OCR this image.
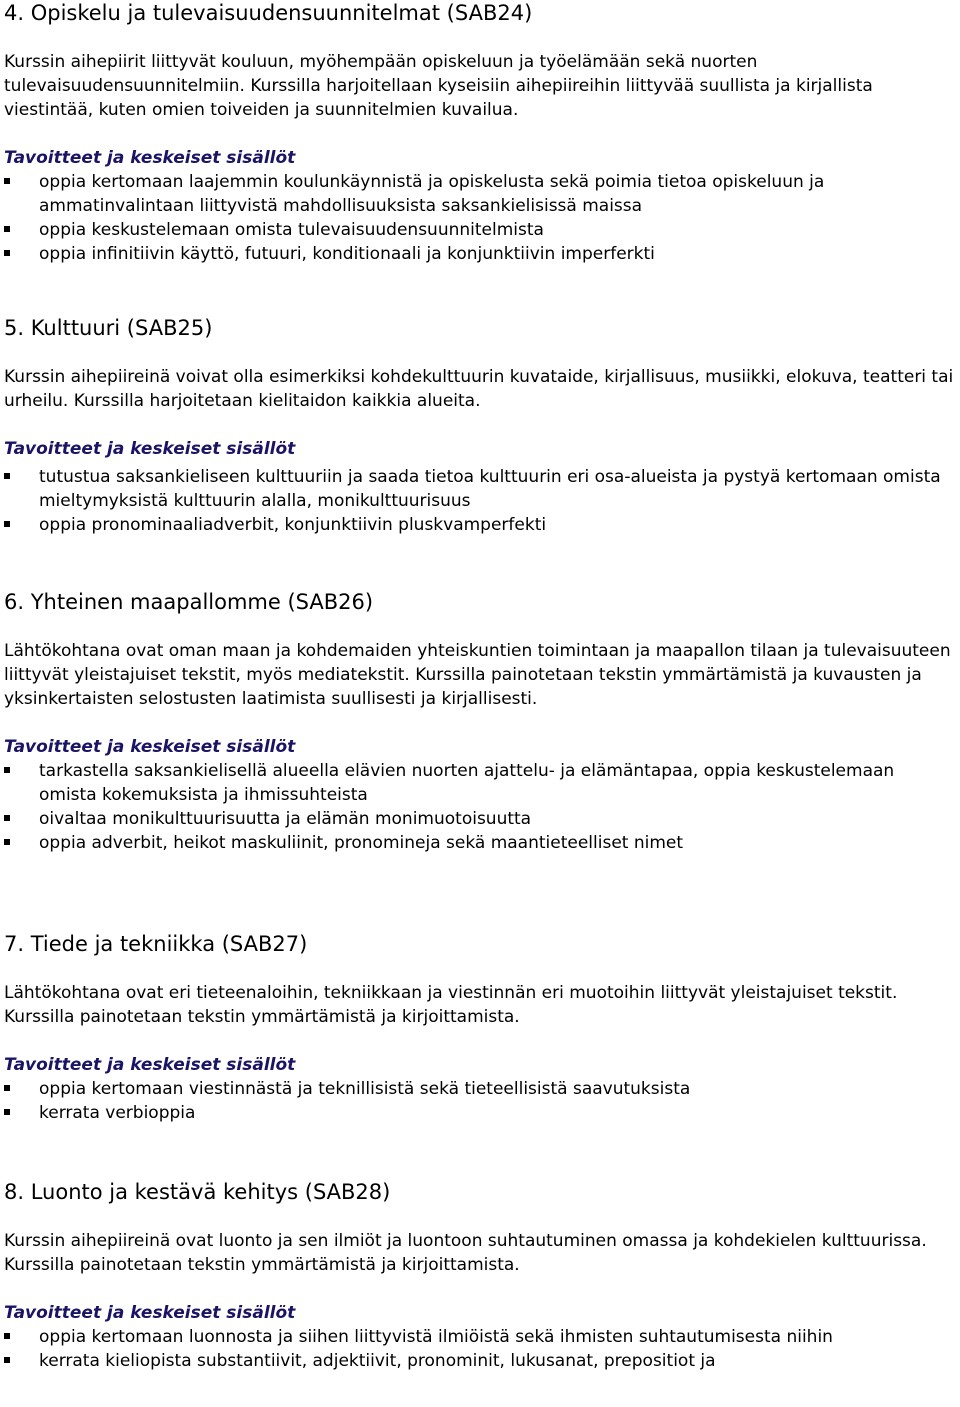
4. Opiskelu ja tulevaisuudensuunnitelmat (SAB24)

Kurssin aihepiirit liittyvät kouluun, myöhempään opiskeluun ja työelämään sekä nuorten tulevaisuudensuunnitelmiin. Kurssilla harjoitellaan kyseisiin aihepiireihin liittyvää suullista ja kirjallista viestintää, kuten omien toiveiden ja suunnitelmien kuvailua.

Tavoitteet ja keskeiset sisällöt

oppia kertomaan laajemmin koulunkäynnistä ja opiskelusta sekä poimia tietoa opiskeluun ja ammatinvalintaan liittyvistä mahdollisuuksista saksankielisissä maissa
oppia keskustelemaan omista tulevaisuudensuunnitelmista
oppia infinitiivin käyttö, futuuri, konditionaali ja konjunktiivin imperferkti
5. Kulttuuri (SAB25)

Kurssin aihepiireinä voivat olla esimerkiksi kohdekulttuurin kuvataide, kirjallisuus, musiikki, elokuva, teatteri tai urheilu. Kurssilla harjoitetaan kielitaidon kaikkia alueita.

Tavoitteet ja keskeiset sisällöt

tutustua saksankieliseen kulttuuriin ja saada tietoa kulttuurin eri osa-alueista ja pystyä kertomaan omista mieltymyksistä kulttuurin alalla, monikulttuurisuus
oppia pronominaaliadverbit, konjunktiivin pluskvamperfekti
6. Yhteinen maapallomme (SAB26)

Lähtökohtana ovat oman maan ja kohdemaiden yhteiskuntien toimintaan ja maapallon tilaan ja tulevaisuuteen liittyvät yleistajuiset tekstit, myös mediatekstit. Kurssilla painotetaan tekstin ymmärtämistä ja kuvausten ja yksinkertaisten selostusten laatimista suullisesti ja kirjallisesti.

Tavoitteet ja keskeiset sisällöt

tarkastella saksankielisellä alueella elävien nuorten ajattelu- ja elämäntapaa, oppia keskustelemaan omista kokemuksista ja ihmissuhteista
oivaltaa monikulttuurisuutta ja elämän monimuotoisuutta
oppia adverbit, heikot maskuliinit, pronomineja sekä maantieteelliset nimet
7. Tiede ja tekniikka (SAB27)

Lähtökohtana ovat eri tieteenaloihin, tekniikkaan ja viestinnän eri muotoihin liittyvät yleistajuiset tekstit. Kurssilla painotetaan tekstin ymmärtämistä ja kirjoittamista.

Tavoitteet ja keskeiset sisällöt

oppia kertomaan viestinnästä ja teknillisistä sekä tieteellisistä saavutuksista
kerrata verbioppia
8. Luonto ja kestävä kehitys (SAB28)

Kurssin aihepiireinä ovat luonto ja sen ilmiöt ja luontoon suhtautuminen omassa ja kohdekielen kulttuurissa. Kurssilla painotetaan tekstin ymmärtämistä ja kirjoittamista.

Tavoitteet ja keskeiset sisällöt

oppia kertomaan luonnosta ja siihen liittyvistä ilmiöistä sekä ihmisten suhtautumisesta niihin
kerrata kieliopista substantiivit, adjektiivit, pronominit, lukusanat, prepositiot ja
